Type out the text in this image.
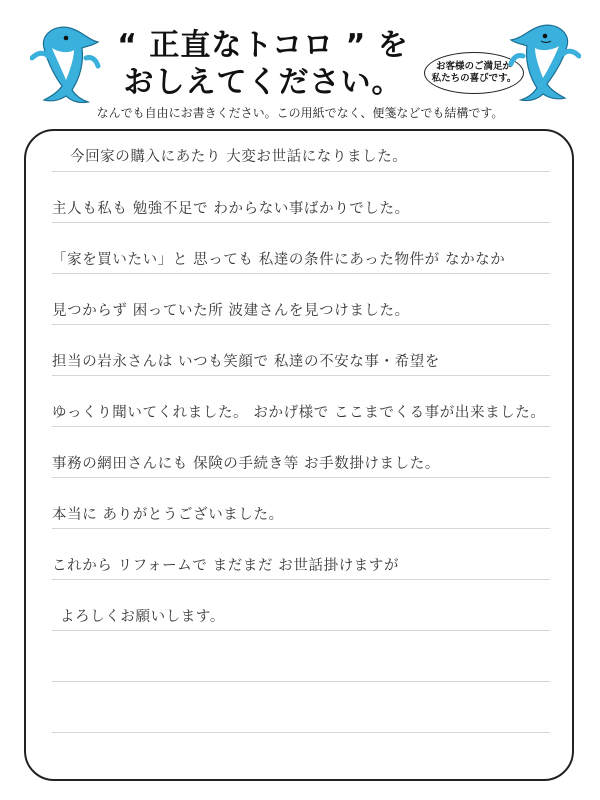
“ 正直なトコロ ” を
おしえてください。	お客様のご満足が
私たちの喜びです。
なんでも自由にお書きください。この用紙でなく、便箋などでも結構です。
今回家の購入にあたり 大変お世話になりました。
主人も私も 勉強不足で わからない事ばかりでした。
「家を買いたい」と 思っても 私達の条件にあった物件が なかなか
見つからず 困っていた所 波建さんを見つけました。
担当の岩永さんは いつも笑顔で 私達の不安な事・希望を
ゆっくり聞いてくれました。 おかげ様で ここまでくる事が出来ました。
事務の網田さんにも 保険の手続き等 お手数掛けました。
本当に ありがとうございました。
これから リフォームで まだまだ お世話掛けますが
よろしくお願いします。
